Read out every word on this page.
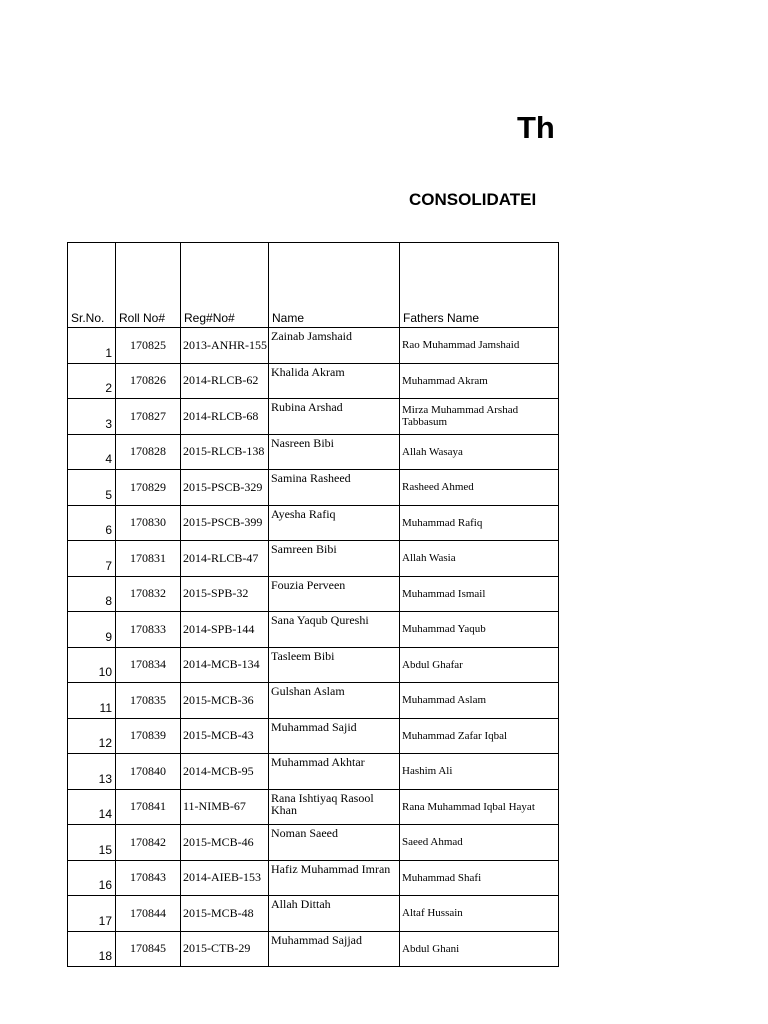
Th
CONSOLIDATEI
Sr.No.	Roll No#	Reg#No#	Name	Fathers Name
1	170825	2013-ANHR-155	Zainab Jamshaid	Rao Muhammad Jamshaid
2	170826	2014-RLCB-62	Khalida Akram	Muhammad Akram
3	170827	2014-RLCB-68	Rubina Arshad	Mirza Muhammad Arshad Tabbasum
4	170828	2015-RLCB-138	Nasreen Bibi	Allah Wasaya
5	170829	2015-PSCB-329	Samina Rasheed	Rasheed Ahmed
6	170830	2015-PSCB-399	Ayesha Rafiq	Muhammad Rafiq
7	170831	2014-RLCB-47	Samreen Bibi	Allah Wasia
8	170832	2015-SPB-32	Fouzia Perveen	Muhammad Ismail
9	170833	2014-SPB-144	Sana Yaqub Qureshi	Muhammad Yaqub
10	170834	2014-MCB-134	Tasleem Bibi	Abdul Ghafar
11	170835	2015-MCB-36	Gulshan Aslam	Muhammad Aslam
12	170839	2015-MCB-43	Muhammad Sajid	Muhammad Zafar Iqbal
13	170840	2014-MCB-95	Muhammad Akhtar	Hashim Ali
14	170841	11-NIMB-67	Rana Ishtiyaq Rasool Khan	Rana Muhammad Iqbal Hayat
15	170842	2015-MCB-46	Noman Saeed	Saeed Ahmad
16	170843	2014-AIEB-153	Hafiz Muhammad Imran	Muhammad Shafi
17	170844	2015-MCB-48	Allah Dittah	Altaf Hussain
18	170845	2015-CTB-29	Muhammad Sajjad	Abdul Ghani
